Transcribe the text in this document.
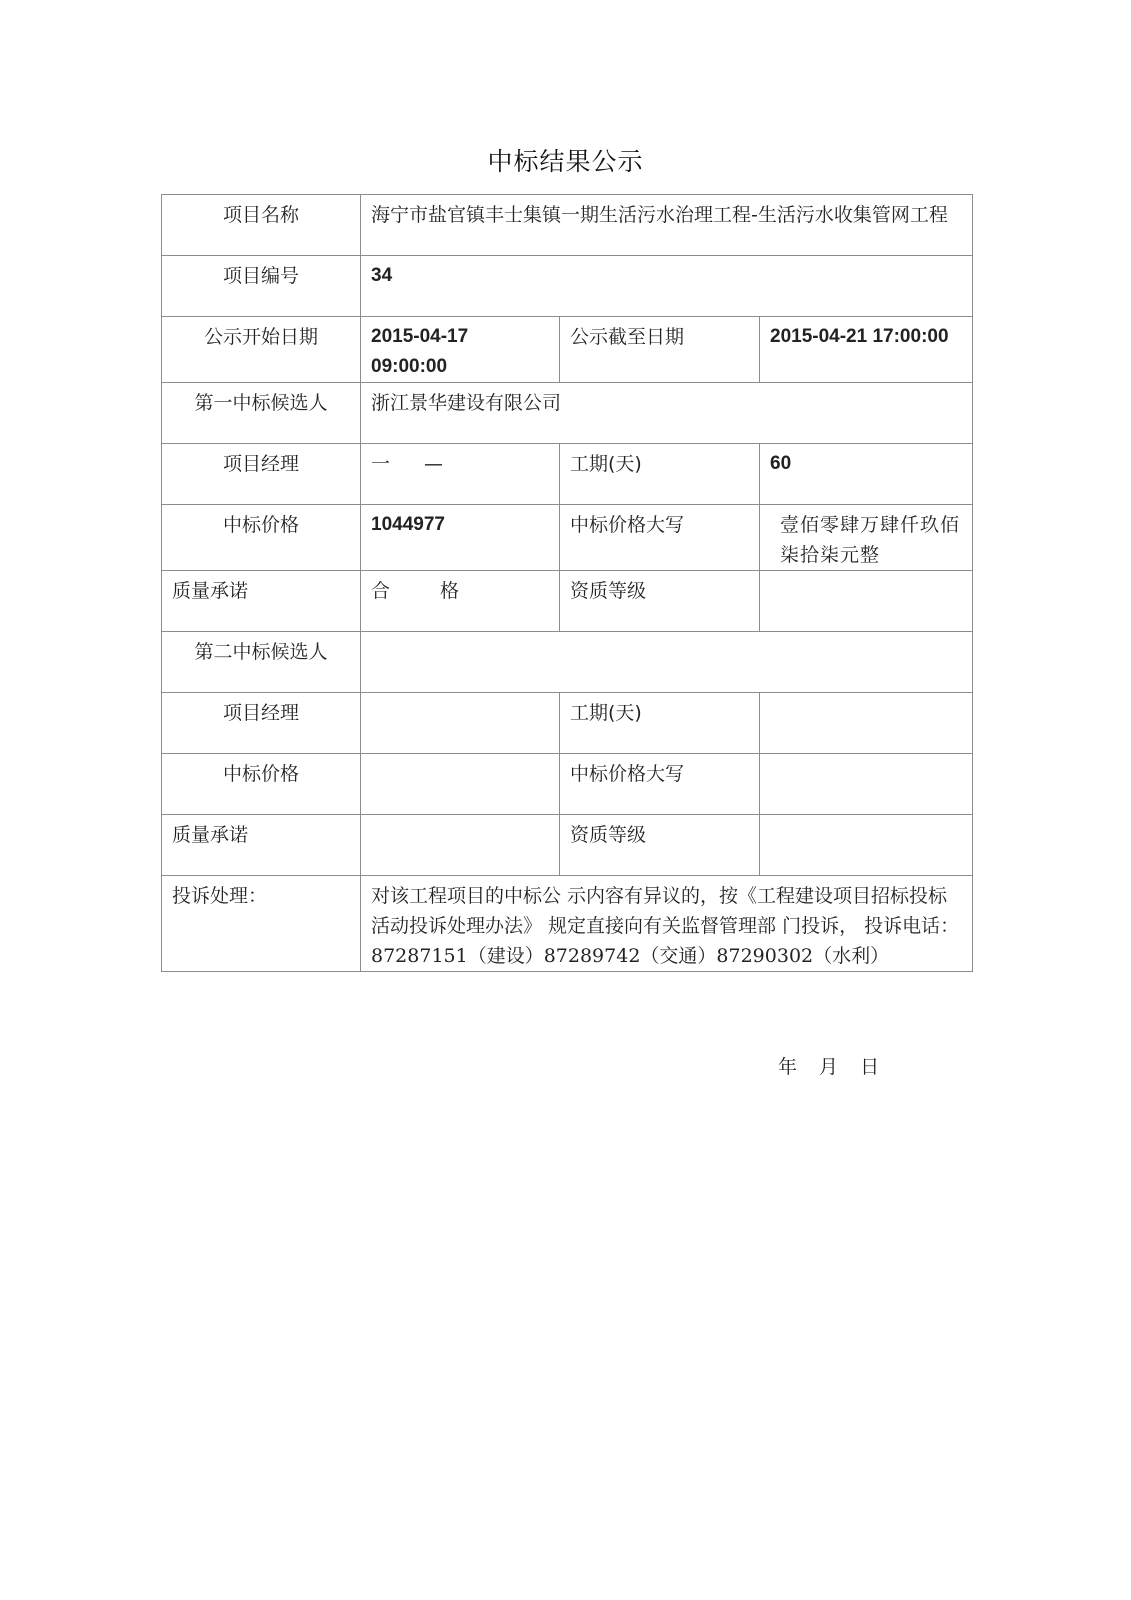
中标结果公示
项目名称	海宁市盐官镇丰士集镇一期生活污水治理工程-生活污水收集管网工程		
项目编号	34		
公示开始日期	2015-04-17 09:00:00	公示截至日期	2015-04-21 17:00:00
第一中标候选人	浙江景华建设有限公司		
项目经理	一 —	工期(天)	60
中标价格	1044977	中标价格大写	壹佰零肆万肆仟玖佰柒拾柒元整
质量承诺	合 格	资质等级	
第二中标候选人			
项目经理		工期(天)	
中标价格		中标价格大写	
质量承诺		资质等级	
投诉处理：	对该工程项目的中标公 示内容有异议的，按《工程建设项目招标投标活动投诉处理办法》 规定直接向有关监督管理部 门投诉， 投诉电话：87287151（建设）87289742（交通）87290302（水利）		
年 月 日
